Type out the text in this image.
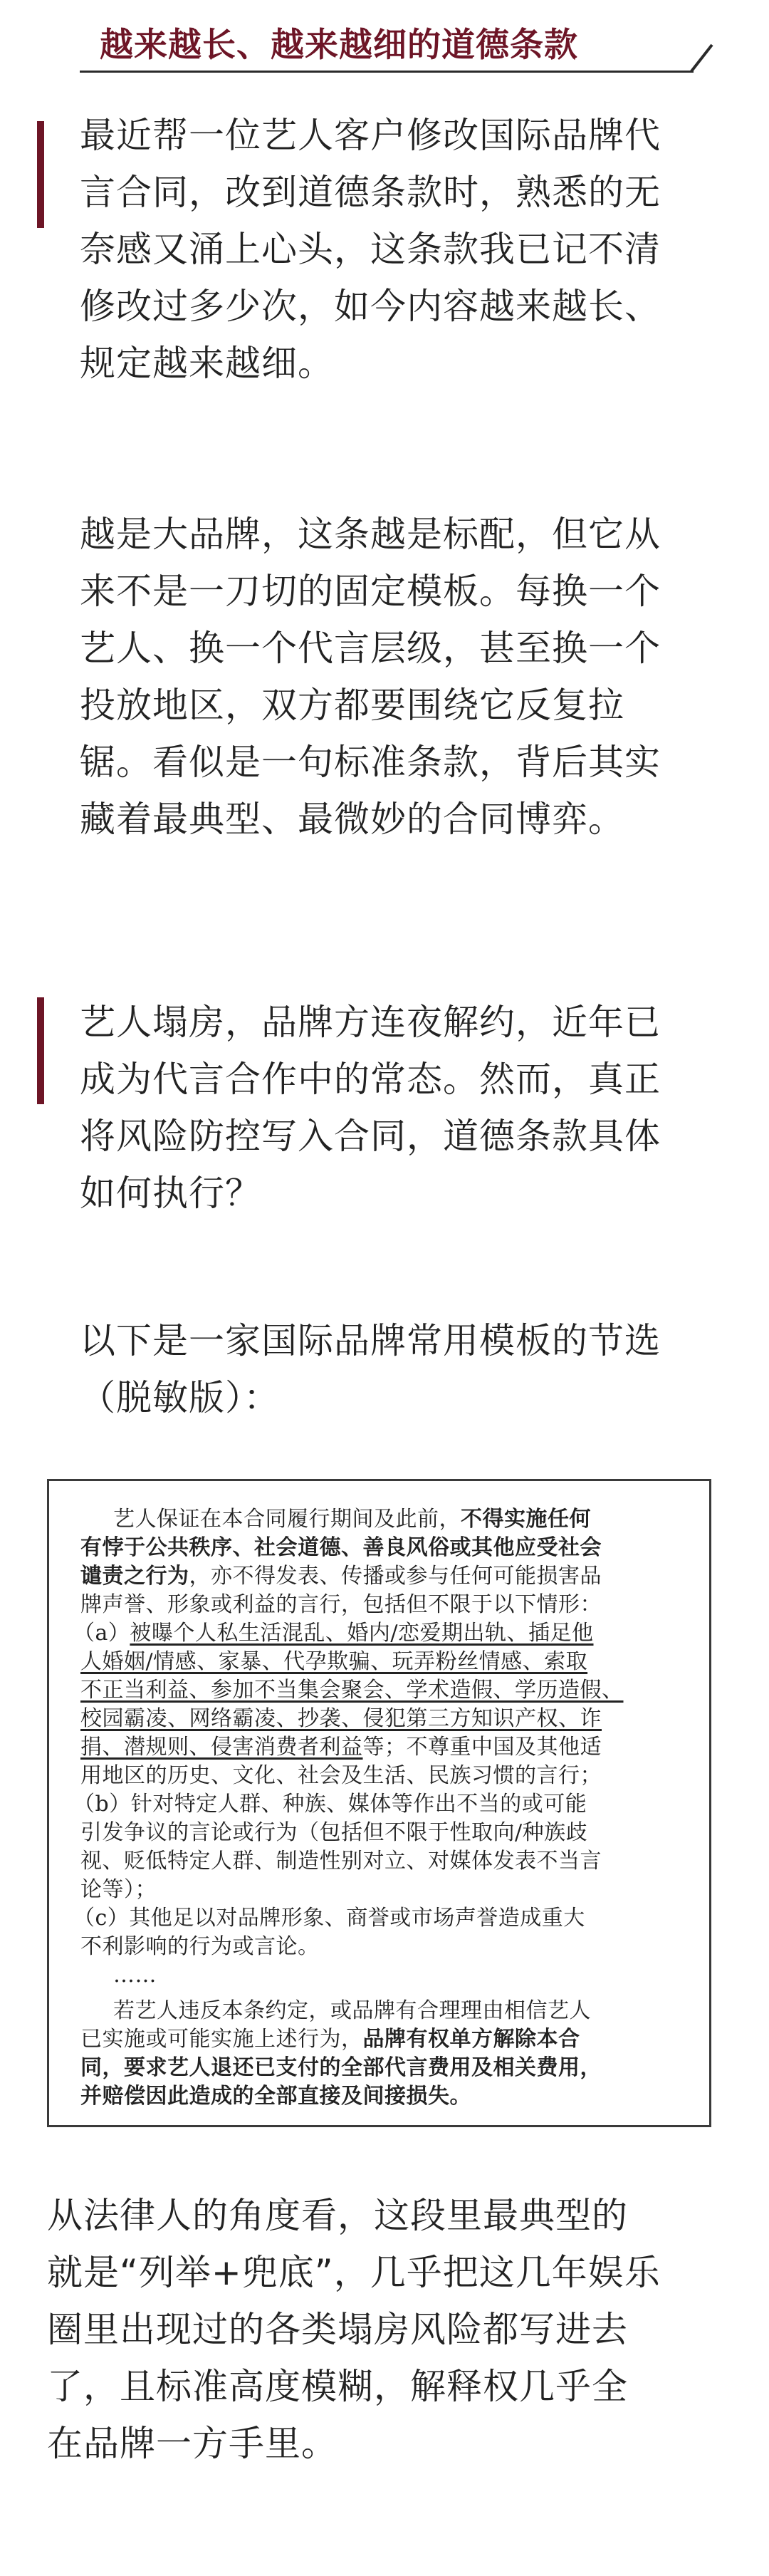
越来越长、越来越细的道德条款
最近帮一位艺人客户修改国际品牌代
言合同，改到道德条款时，熟悉的无
奈感又涌上心头，这条款我已记不清
修改过多少次，如今内容越来越长、
规定越来越细。
越是大品牌，这条越是标配，但它从
来不是一刀切的固定模板。每换一个
艺人、换一个代言层级，甚至换一个
投放地区，双方都要围绕它反复拉
锯。看似是一句标准条款，背后其实
藏着最典型、最微妙的合同博弈。
艺人塌房，品牌方连夜解约，近年已
成为代言合作中的常态。然而，真正
将风险防控写入合同，道德条款具体
如何执行？
以下是一家国际品牌常用模板的节选
（脱敏版）：
艺人保证在本合同履行期间及此前，不得实施任何
有悖于公共秩序、社会道德、善良风俗或其他应受社会
谴责之行为，亦不得发表、传播或参与任何可能损害品
牌声誉、形象或利益的言行，包括但不限于以下情形：
（a）被曝个人私生活混乱、婚内/恋爱期出轨、插足他
人婚姻/情感、家暴、代孕欺骗、玩弄粉丝情感、索取
不正当利益、参加不当集会聚会、学术造假、学历造假、
校园霸凌、网络霸凌、抄袭、侵犯第三方知识产权、诈
捐、潜规则、侵害消费者利益等；不尊重中国及其他适
用地区的历史、文化、社会及生活、民族习惯的言行；
（b）针对特定人群、种族、媒体等作出不当的或可能
引发争议的言论或行为（包括但不限于性取向/种族歧
视、贬低特定人群、制造性别对立、对媒体发表不当言
论等）；
（c）其他足以对品牌形象、商誉或市场声誉造成重大
不利影响的行为或言论。
……
若艺人违反本条约定，或品牌有合理理由相信艺人
已实施或可能实施上述行为，品牌有权单方解除本合
同，要求艺人退还已支付的全部代言费用及相关费用，
并赔偿因此造成的全部直接及间接损失。
从法律人的角度看，这段里最典型的
就是“列举+兜底”，几乎把这几年娱乐
圈里出现过的各类塌房风险都写进去
了，且标准高度模糊，解释权几乎全
在品牌一方手里。
